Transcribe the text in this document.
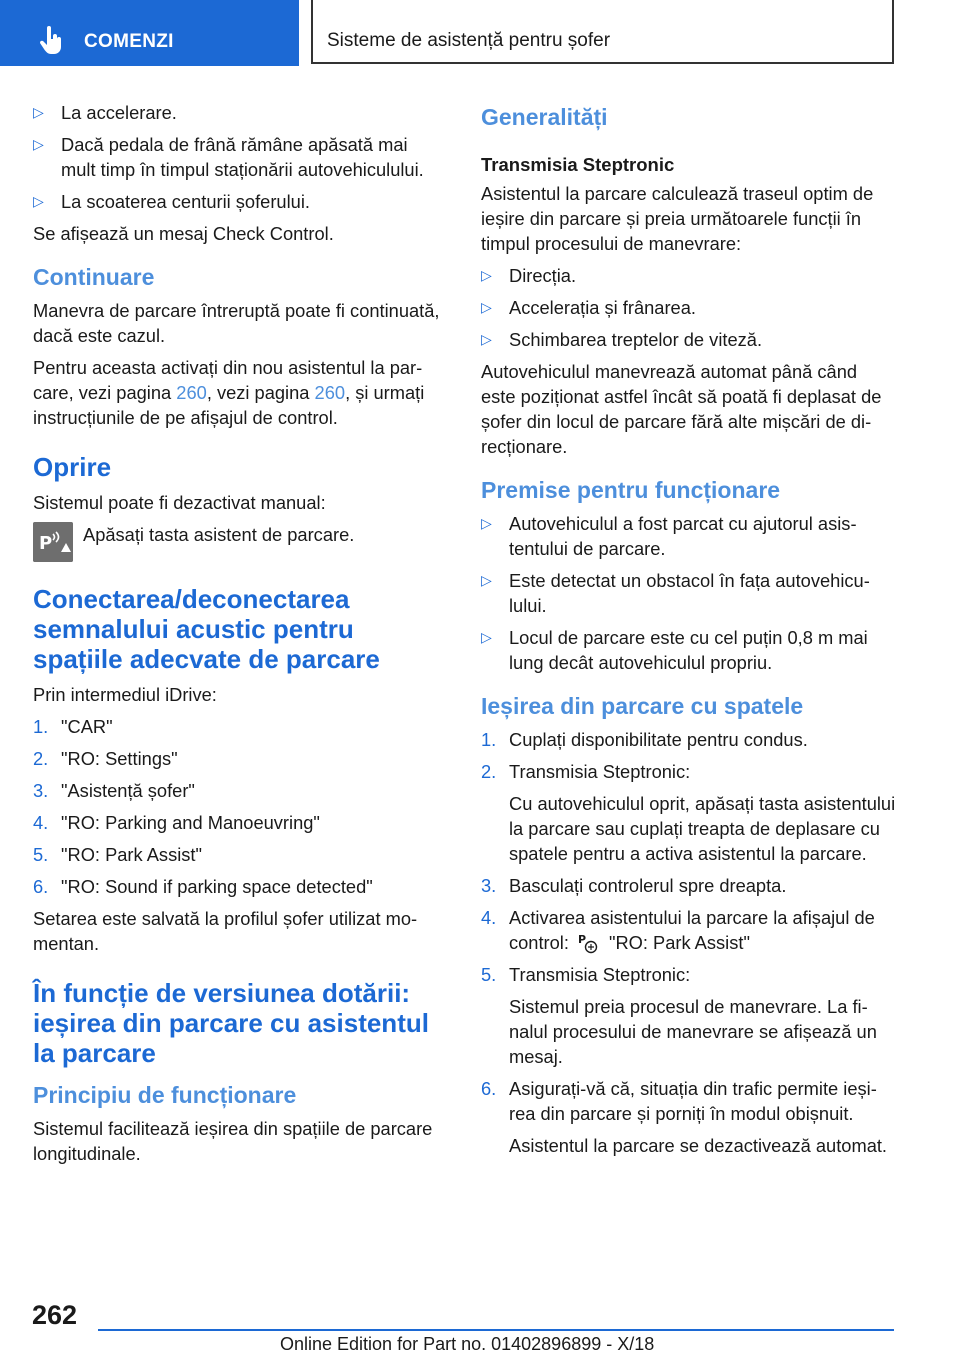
COMENZI	Sisteme de asistență pentru șofer
▷ La accelerare.
▷ Dacă pedala de frână rămâne apăsată mai mult timp în timpul staționării autovehiculului.
▷ La scoaterea centurii șoferului.

Se afișează un mesaj Check Control.

Continuare

Manevra de parcare întreruptă poate fi continuată, dacă este cazul.

Pentru aceasta activați din nou asistentul la parcare, vezi pagina 260, vezi pagina 260, și urmați instrucțiunile de pe afișajul de control.

Oprire

Sistemul poate fi dezactivat manual:

P Apăsați tasta asistent de parcare.
Conectarea/deconectarea semnalului acustic pentru spațiile adecvate de parcare

Prin intermediul iDrive:

1. "CAR"
2. "RO: Settings"
3. "Asistență șofer"
4. "RO: Parking and Manoeuvring"
5. "RO: Park Assist"
6. "RO: Sound if parking space detected"

Setarea este salvată la profilul șofer utilizat momentan.

În funcție de versiunea dotării: ieșirea din parcare cu asistentul la parcare
Principiu de funcționare

Sistemul facilitează ieșirea din spațiile de parcare longitudinale.

Generalități
Transmisia Steptronic

Asistentul la parcare calculează traseul optim de ieșire din parcare și preia următoarele funcții în timpul procesului de manevrare:

▷ Direcția.
▷ Accelerația și frânarea.
▷ Schimbarea treptelor de viteză.

Autovehiculul manevrează automat până când este poziționat astfel încât să poată fi deplasat de șofer din locul de parcare fără alte mișcări de direcționare.

Premise pentru funcționare
▷ Autovehiculul a fost parcat cu ajutorul asistentului de parcare.
▷ Este detectat un obstacol în fața autovehiculului.
▷ Locul de parcare este cu cel puțin 0,8 m mai lung decât autovehiculul propriu.
Ieșirea din parcare cu spatele
1. Cuplați disponibilitate pentru condus.
2. Transmisia Steptronic:

Cu autovehiculul oprit, apăsați tasta asistentului la parcare sau cuplați treapta de deplasare cu spatele pentru a activa asistentul la parcare.

3. Basculați controlerul spre dreapta.
4. Activarea asistentului la parcare la afișajul de control: P "RO: Park Assist"
5. Transmisia Steptronic:

Sistemul preia procesul de manevrare. La finalul procesului de manevrare se afișează un mesaj.

6. Asigurați-vă că, situația din trafic permite ieșirea din parcare și porniți în modul obișnuit.

Asistentul la parcare se dezactivează automat.

262
Online Edition for Part no. 01402896899 - X/18
